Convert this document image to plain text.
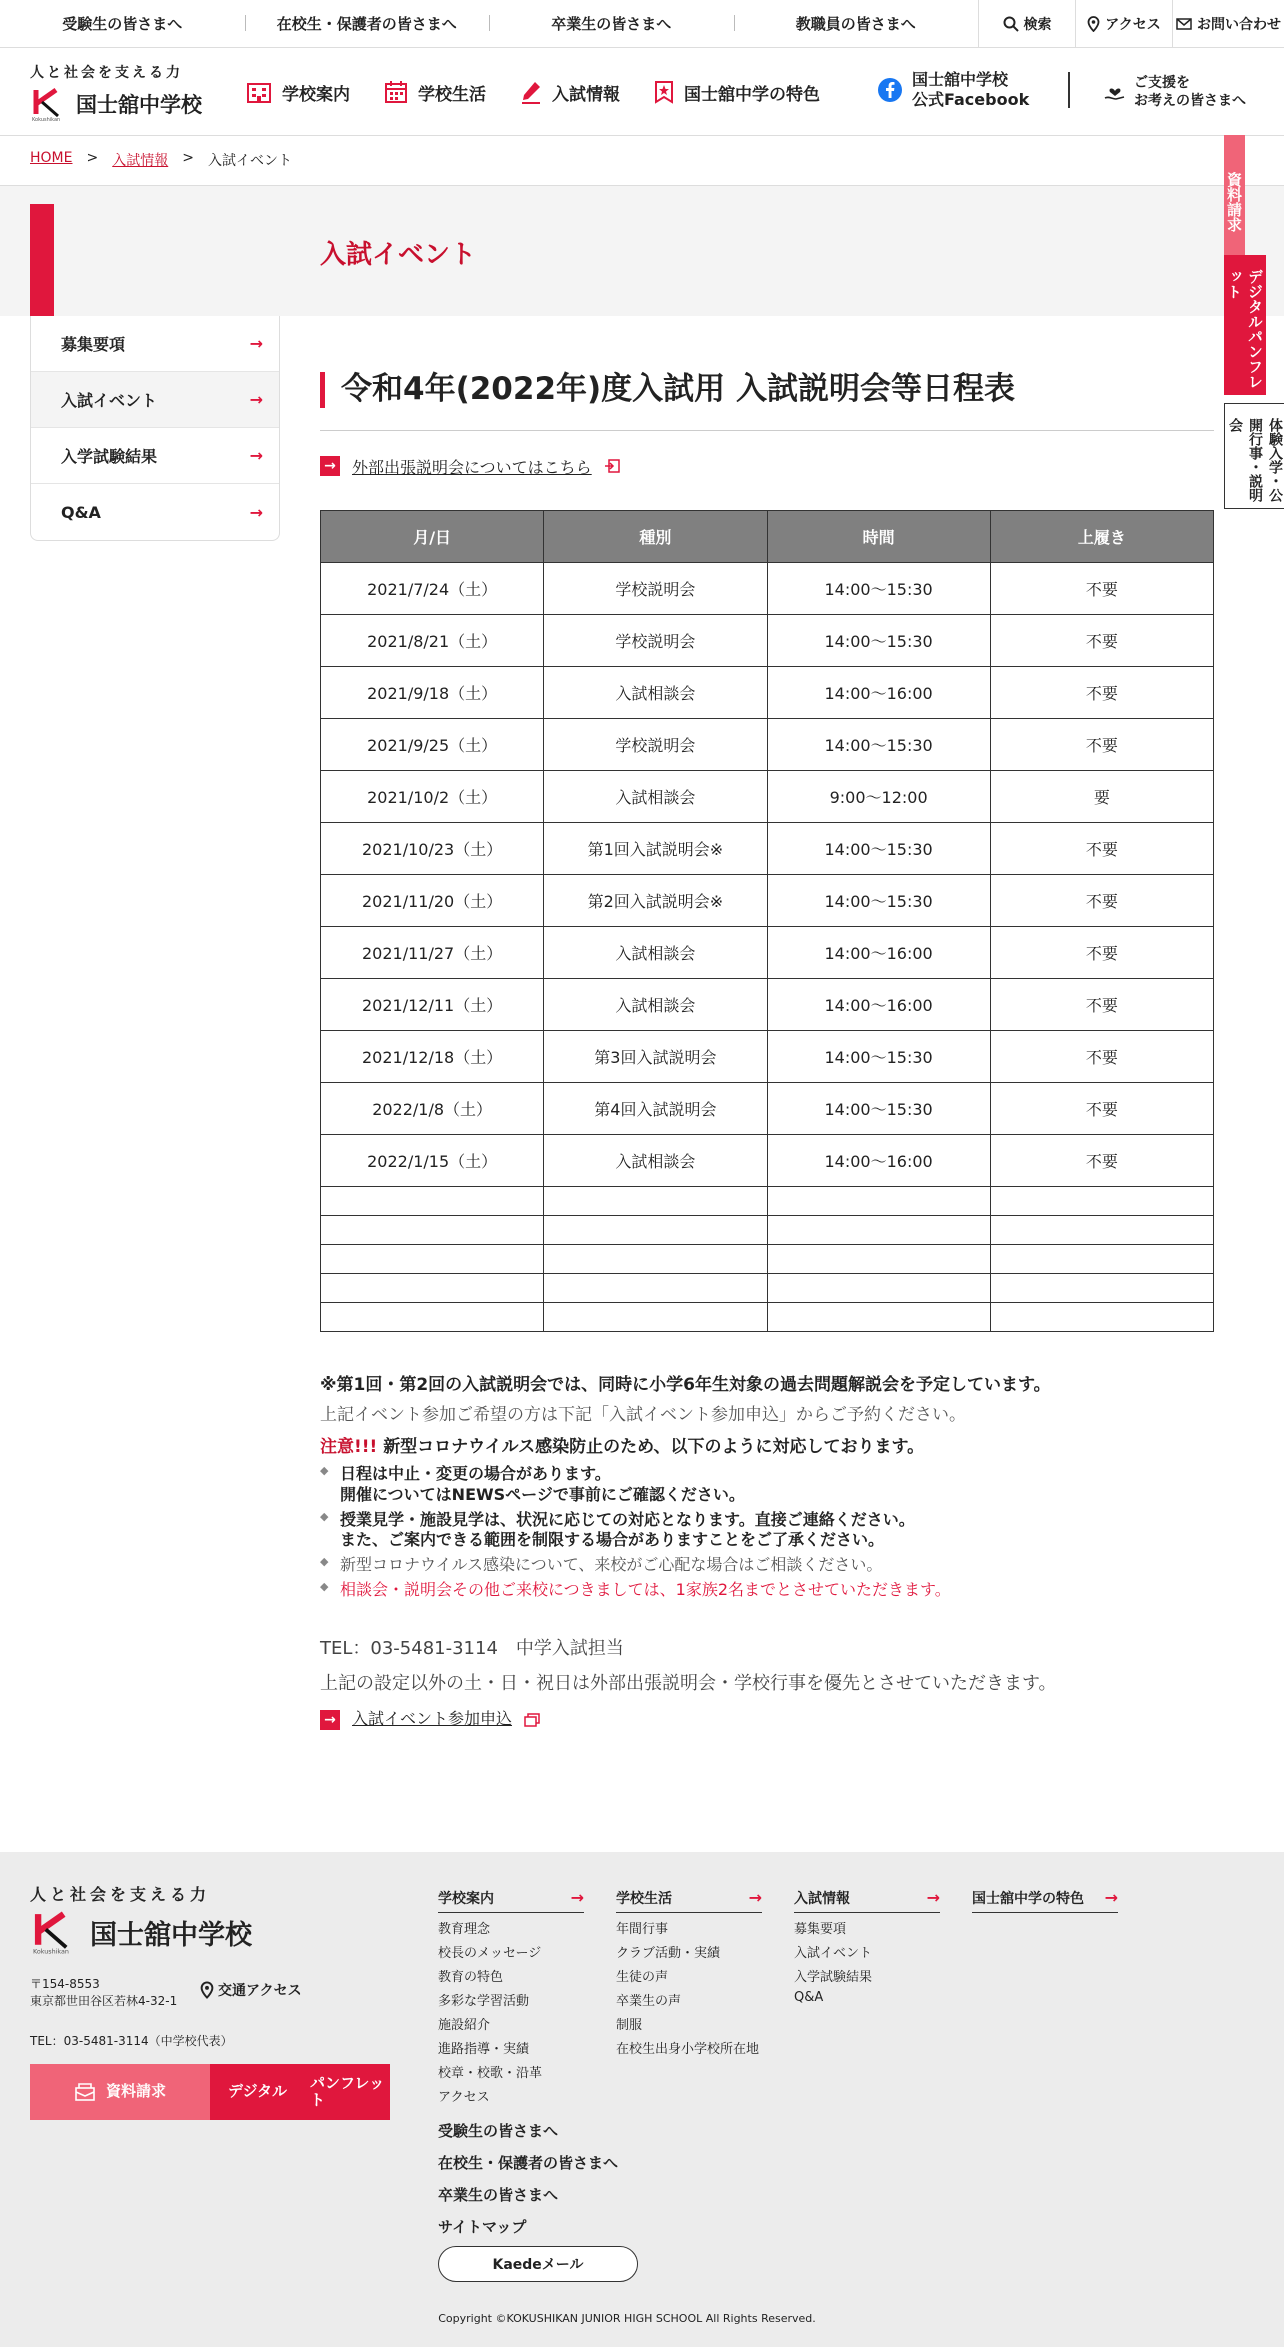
受験生の皆さまへ	在校生・保護者の皆さまへ	卒業生の皆さまへ	教職員の皆さまへ	検索	アクセス	お問い合わせ
人と社会を支える力
Kokushikan
国士舘中学校	学校案内	学校生活	入試情報	国士舘中学の特色
国士舘中学校
公式Facebook
ご支援を
お考えの皆さまへ
HOME > 入試情報 > 入試イベント
入試イベント
資料請求
デジタルパンフレット
体験入学・公開行事・説明会
募集要項	→
入試イベント	→
入学試験結果	→
Q&A	→
令和4年(2022年)度入試用 入試説明会等日程表
→ 外部出張説明会についてはこちら
月/日	種別	時間	上履き
2021/7/24（土）	学校説明会	14:00～15:30	不要
2021/8/21（土）	学校説明会	14:00～15:30	不要
2021/9/18（土）	入試相談会	14:00～16:00	不要
2021/9/25（土）	学校説明会	14:00～15:30	不要
2021/10/2（土）	入試相談会	9:00～12:00	要
2021/10/23（土）	第1回入試説明会※	14:00～15:30	不要
2021/11/20（土）	第2回入試説明会※	14:00～15:30	不要
2021/11/27（土）	入試相談会	14:00～16:00	不要
2021/12/11（土）	入試相談会	14:00～16:00	不要
2021/12/18（土）	第3回入試説明会	14:00～15:30	不要
2022/1/8（土）	第4回入試説明会	14:00～15:30	不要
2022/1/15（土）	入試相談会	14:00～16:00	不要

※第1回・第2回の入試説明会では、同時に小学6年生対象の過去問題解説会を予定しています。
上記イベント参加ご希望の方は下記「入試イベント参加申込」からご予約ください。
注意!!! 新型コロナウイルス感染防止のため、以下のように対応しております。
◆ 日程は中止・変更の場合があります。
開催についてはNEWSページで事前にご確認ください。
◆ 授業見学・施設見学は、状況に応じての対応となります。直接ご連絡ください。
また、ご案内できる範囲を制限する場合がありますことをご了承ください。
◆ 新型コロナウイルス感染について、来校がご心配な場合はご相談ください。
◆ 相談会・説明会その他ご来校につきましては、1家族2名までとさせていただきます。
TEL：03-5481-3114　中学入試担当
上記の設定以外の土・日・祝日は外部出張説明会・学校行事を優先とさせていただきます。
→ 入試イベント参加申込
人と社会を支える力
Kokushikan
国士舘中学校
〒154-8553
東京都世田谷区若林4-32-1
交通アクセス
TEL：03-5481-3114（中学校代表）
資料請求	デジタル	パンフレット
学校案内	→
教育理念
校長のメッセージ
教育の特色
多彩な学習活動
施設紹介
進路指導・実績
校章・校歌・沿革
アクセス
学校生活	→
年間行事
クラブ活動・実績
生徒の声
卒業生の声
制服
在校生出身小学校所在地
入試情報	→
募集要項
入試イベント
入学試験結果
Q&A
国士舘中学の特色 →
受験生の皆さまへ
在校生・保護者の皆さまへ
卒業生の皆さまへ
サイトマップ
Kaedeメール
Copyright ©KOKUSHIKAN JUNIOR HIGH SCHOOL All Rights Reserved.
